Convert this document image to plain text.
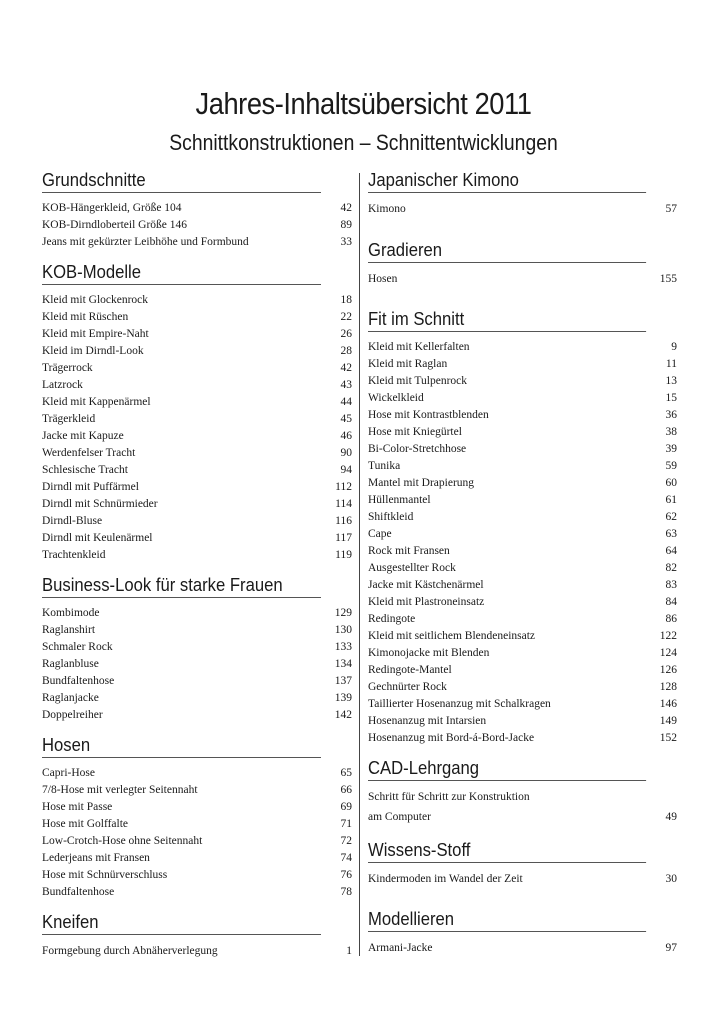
Jahres-Inhaltsübersicht 2011
Schnittkonstruktionen – Schnittentwicklungen
Grundschnitte
KOB-Hängerkleid, Größe 104	42
KOB-Dirndloberteil Größe 146	89
Jeans mit gekürzter Leibhöhe und Formbund	33
KOB-Modelle
Kleid mit Glockenrock	18
Kleid mit Rüschen	22
Kleid mit Empire-Naht	26
Kleid im Dirndl-Look	28
Trägerrock	42
Latzrock	43
Kleid mit Kappenärmel	44
Trägerkleid	45
Jacke mit Kapuze	46
Werdenfelser Tracht	90
Schlesische Tracht	94
Dirndl mit Puffärmel	112
Dirndl mit Schnürmieder	114
Dirndl-Bluse	116
Dirndl mit Keulenärmel	117
Trachtenkleid	119
Business-Look für starke Frauen
Kombimode	129
Raglanshirt	130
Schmaler Rock	133
Raglanbluse	134
Bundfaltenhose	137
Raglanjacke	139
Doppelreiher	142
Hosen
Capri-Hose	65
7/8-Hose mit verlegter Seitennaht	66
Hose mit Passe	69
Hose mit Golffalte	71
Low-Crotch-Hose ohne Seitennaht	72
Lederjeans mit Fransen	74
Hose mit Schnürverschluss	76
Bundfaltenhose	78
Kneifen
Formgebung durch Abnäherverlegung	1
Japanischer Kimono
Kimono	57
Gradieren
Hosen	155
Fit im Schnitt
Kleid mit Kellerfalten	9
Kleid mit Raglan	11
Kleid mit Tulpenrock	13
Wickelkleid	15
Hose mit Kontrastblenden	36
Hose mit Kniegürtel	38
Bi-Color-Stretchhose	39
Tunika	59
Mantel mit Drapierung	60
Hüllenmantel	61
Shiftkleid	62
Cape	63
Rock mit Fransen	64
Ausgestellter Rock	82
Jacke mit Kästchenärmel	83
Kleid mit Plastroneinsatz	84
Redingote	86
Kleid mit seitlichem Blendeneinsatz	122
Kimonojacke mit Blenden	124
Redingote-Mantel	126
Gechnürter Rock	128
Taillierter Hosenanzug mit Schalkragen	146
Hosenanzug mit Intarsien	149
Hosenanzug mit Bord-á-Bord-Jacke	152
CAD-Lehrgang
Schritt für Schritt zur Konstruktion
am Computer	49
Wissens-Stoff
Kindermoden im Wandel der Zeit	30
Modellieren
Armani-Jacke	97
